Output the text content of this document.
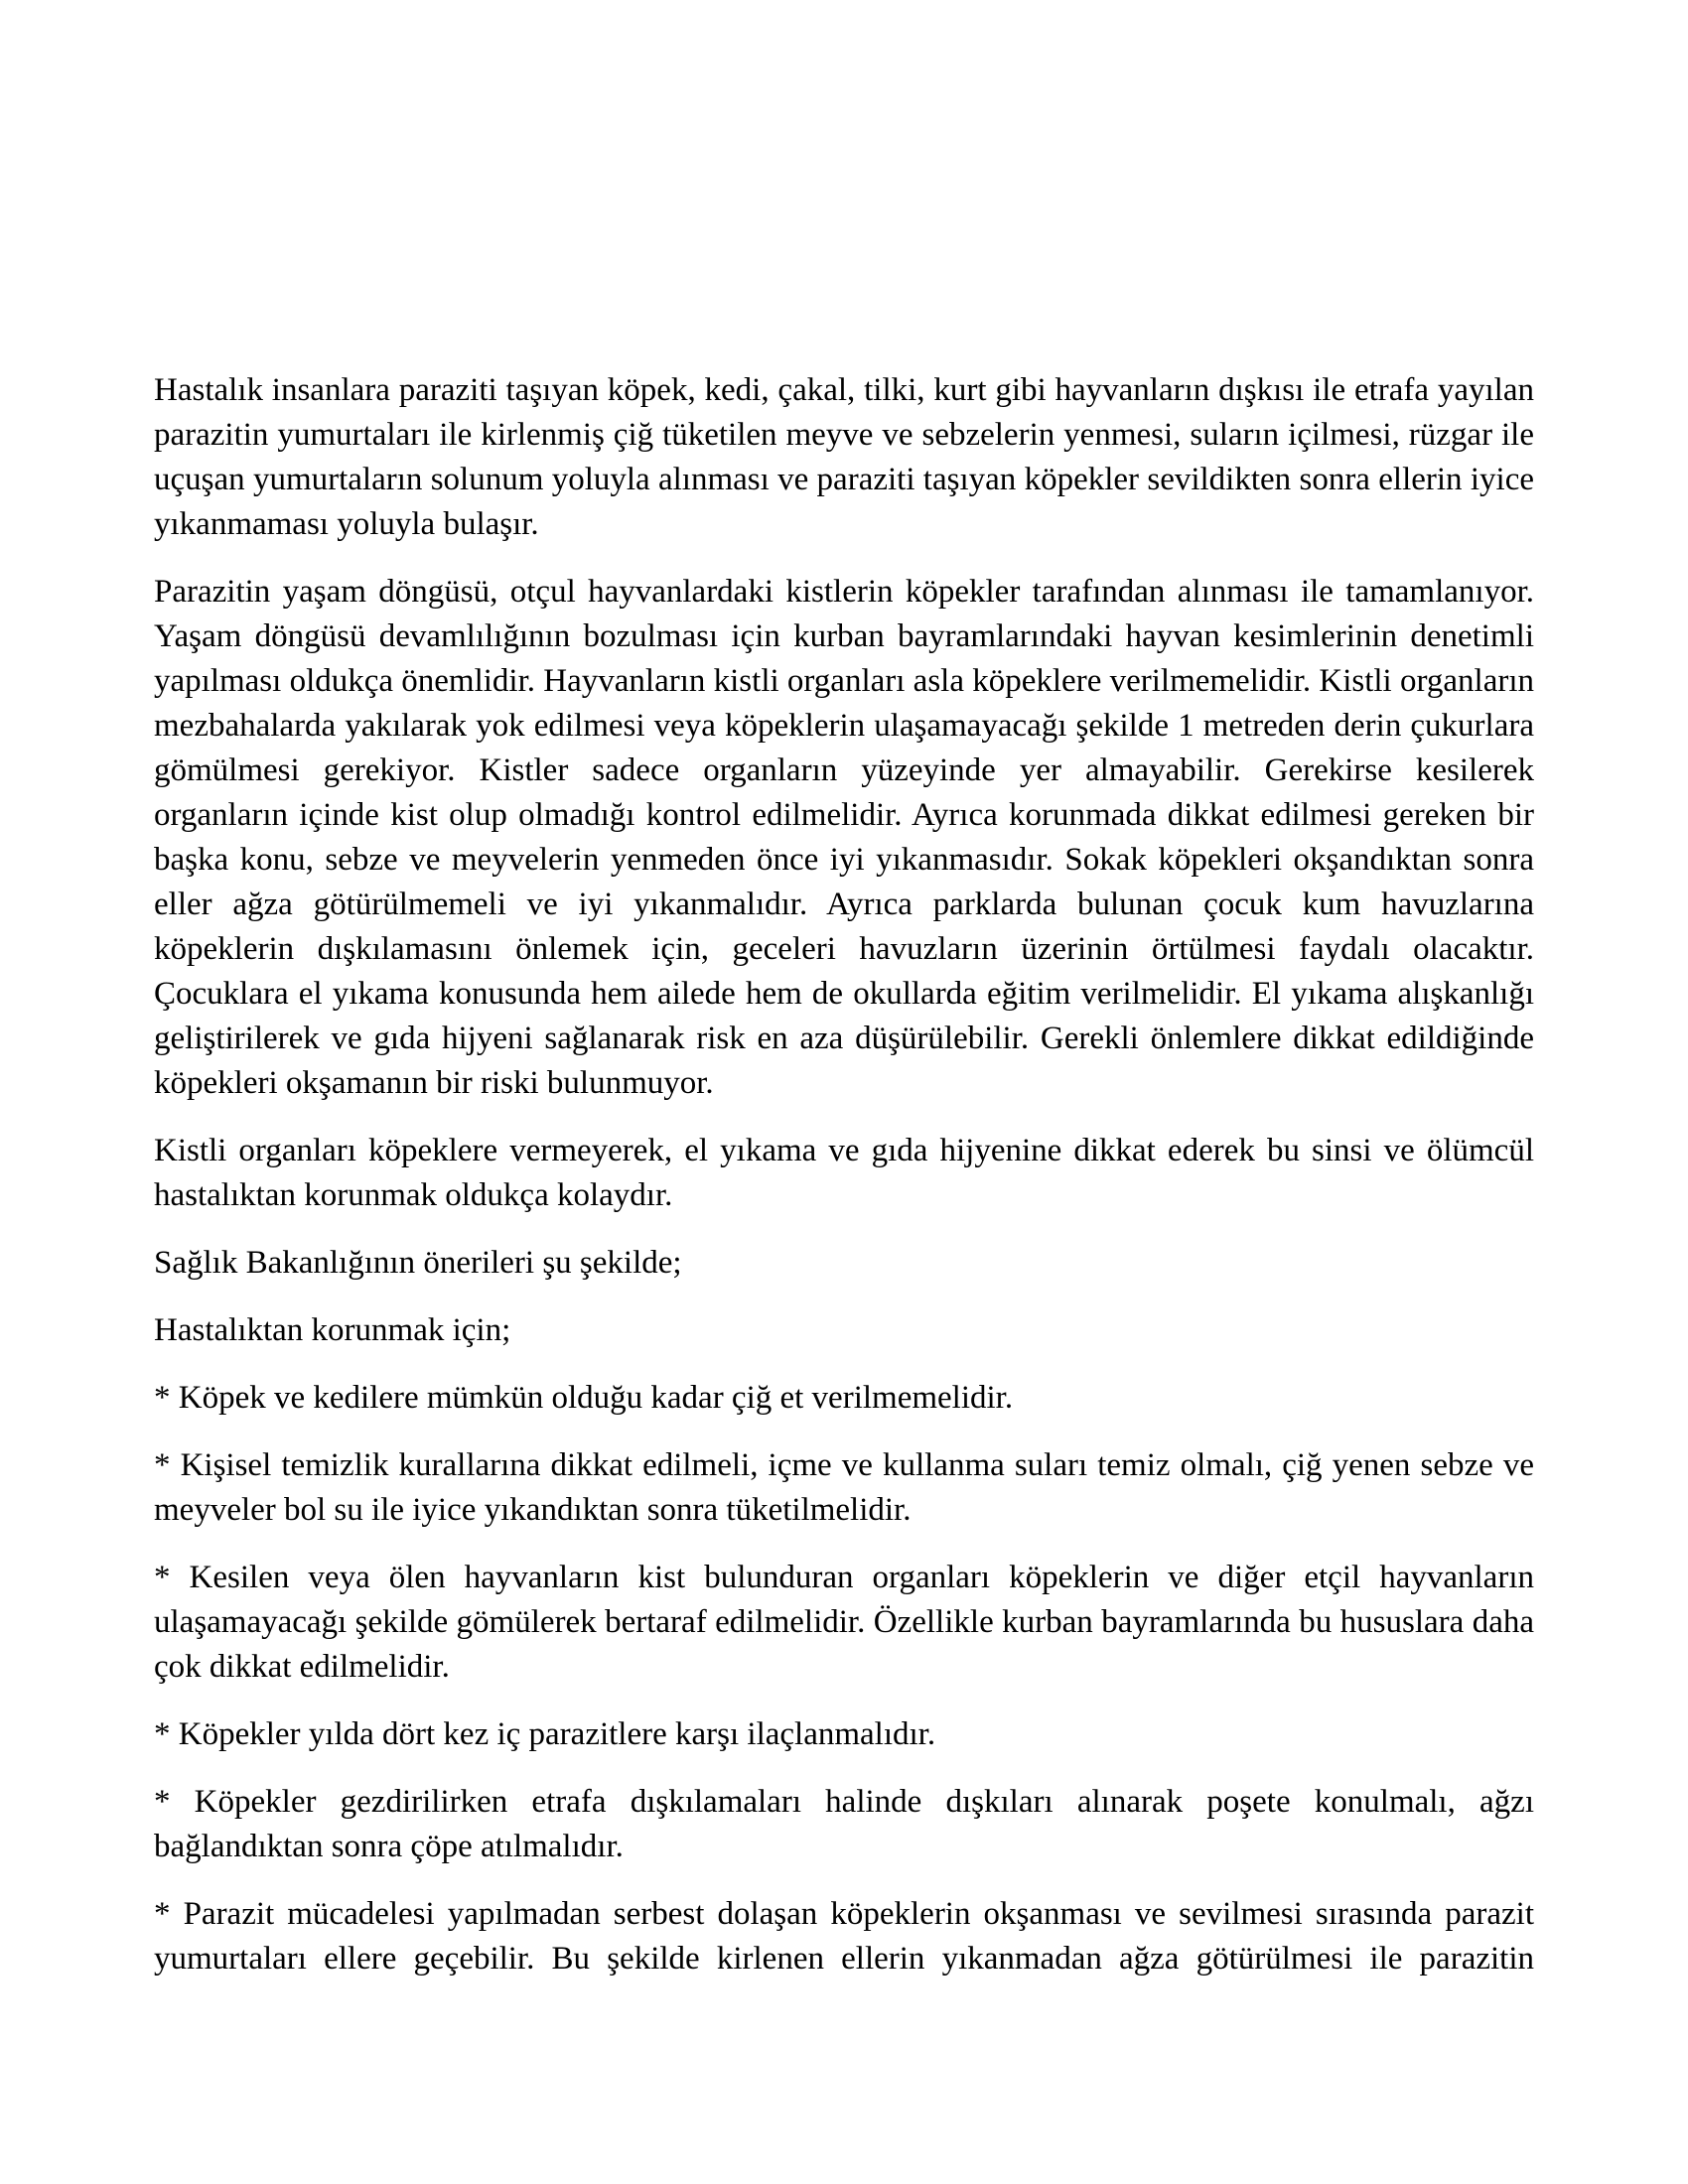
Hastalık insanlara paraziti taşıyan köpek, kedi, çakal, tilki, kurt gibi hayvanların dışkısı ile etrafa yayılan parazitin yumurtaları ile kirlenmiş çiğ tüketilen meyve ve sebzelerin yenmesi, suların içilmesi, rüzgar ile uçuşan yumurtaların solunum yoluyla alınması ve paraziti taşıyan köpekler sevildikten sonra ellerin iyice yıkanmaması yoluyla bulaşır.

Parazitin yaşam döngüsü, otçul hayvanlardaki kistlerin köpekler tarafından alınması ile tamamlanıyor. Yaşam döngüsü devamlılığının bozulması için kurban bayramlarındaki hayvan kesimlerinin denetimli yapılması oldukça önemlidir. Hayvanların kistli organları asla köpeklere verilmemelidir. Kistli organların mezbahalarda yakılarak yok edilmesi veya köpeklerin ulaşamayacağı şekilde 1 metreden derin çukurlara gömülmesi gerekiyor. Kistler sadece organların yüzeyinde yer almayabilir. Gerekirse kesilerek organların içinde kist olup olmadığı kontrol edilmelidir. Ayrıca korunmada dikkat edilmesi gereken bir başka konu, sebze ve meyvelerin yenmeden önce iyi yıkanmasıdır. Sokak köpekleri okşandıktan sonra eller ağza götürülmemeli ve iyi yıkanmalıdır. Ayrıca parklarda bulunan çocuk kum havuzlarına köpeklerin dışkılamasını önlemek için, geceleri havuzların üzerinin örtülmesi faydalı olacaktır. Çocuklara el yıkama konusunda hem ailede hem de okullarda eğitim verilmelidir. El yıkama alışkanlığı geliştirilerek ve gıda hijyeni sağlanarak risk en aza düşürülebilir. Gerekli önlemlere dikkat edildiğinde köpekleri okşamanın bir riski bulunmuyor.

Kistli organları köpeklere vermeyerek, el yıkama ve gıda hijyenine dikkat ederek bu sinsi ve ölümcül hastalıktan korunmak oldukça kolaydır.

Sağlık Bakanlığının önerileri şu şekilde;

Hastalıktan korunmak için;

* Köpek ve kedilere mümkün olduğu kadar çiğ et verilmemelidir.

* Kişisel temizlik kurallarına dikkat edilmeli, içme ve kullanma suları temiz olmalı, çiğ yenen sebze ve meyveler bol su ile iyice yıkandıktan sonra tüketilmelidir.

* Kesilen veya ölen hayvanların kist bulunduran organları köpeklerin ve diğer etçil hayvanların ulaşamayacağı şekilde gömülerek bertaraf edilmelidir. Özellikle kurban bayramlarında bu hususlara daha çok dikkat edilmelidir.

* Köpekler yılda dört kez iç parazitlere karşı ilaçlanmalıdır.

* Köpekler gezdirilirken etrafa dışkılamaları halinde dışkıları alınarak poşete konulmalı, ağzı bağlandıktan sonra çöpe atılmalıdır.

* Parazit mücadelesi yapılmadan serbest dolaşan köpeklerin okşanması ve sevilmesi sırasında parazit yumurtaları ellere geçebilir. Bu şekilde kirlenen ellerin yıkanmadan ağza götürülmesi ile parazitin
